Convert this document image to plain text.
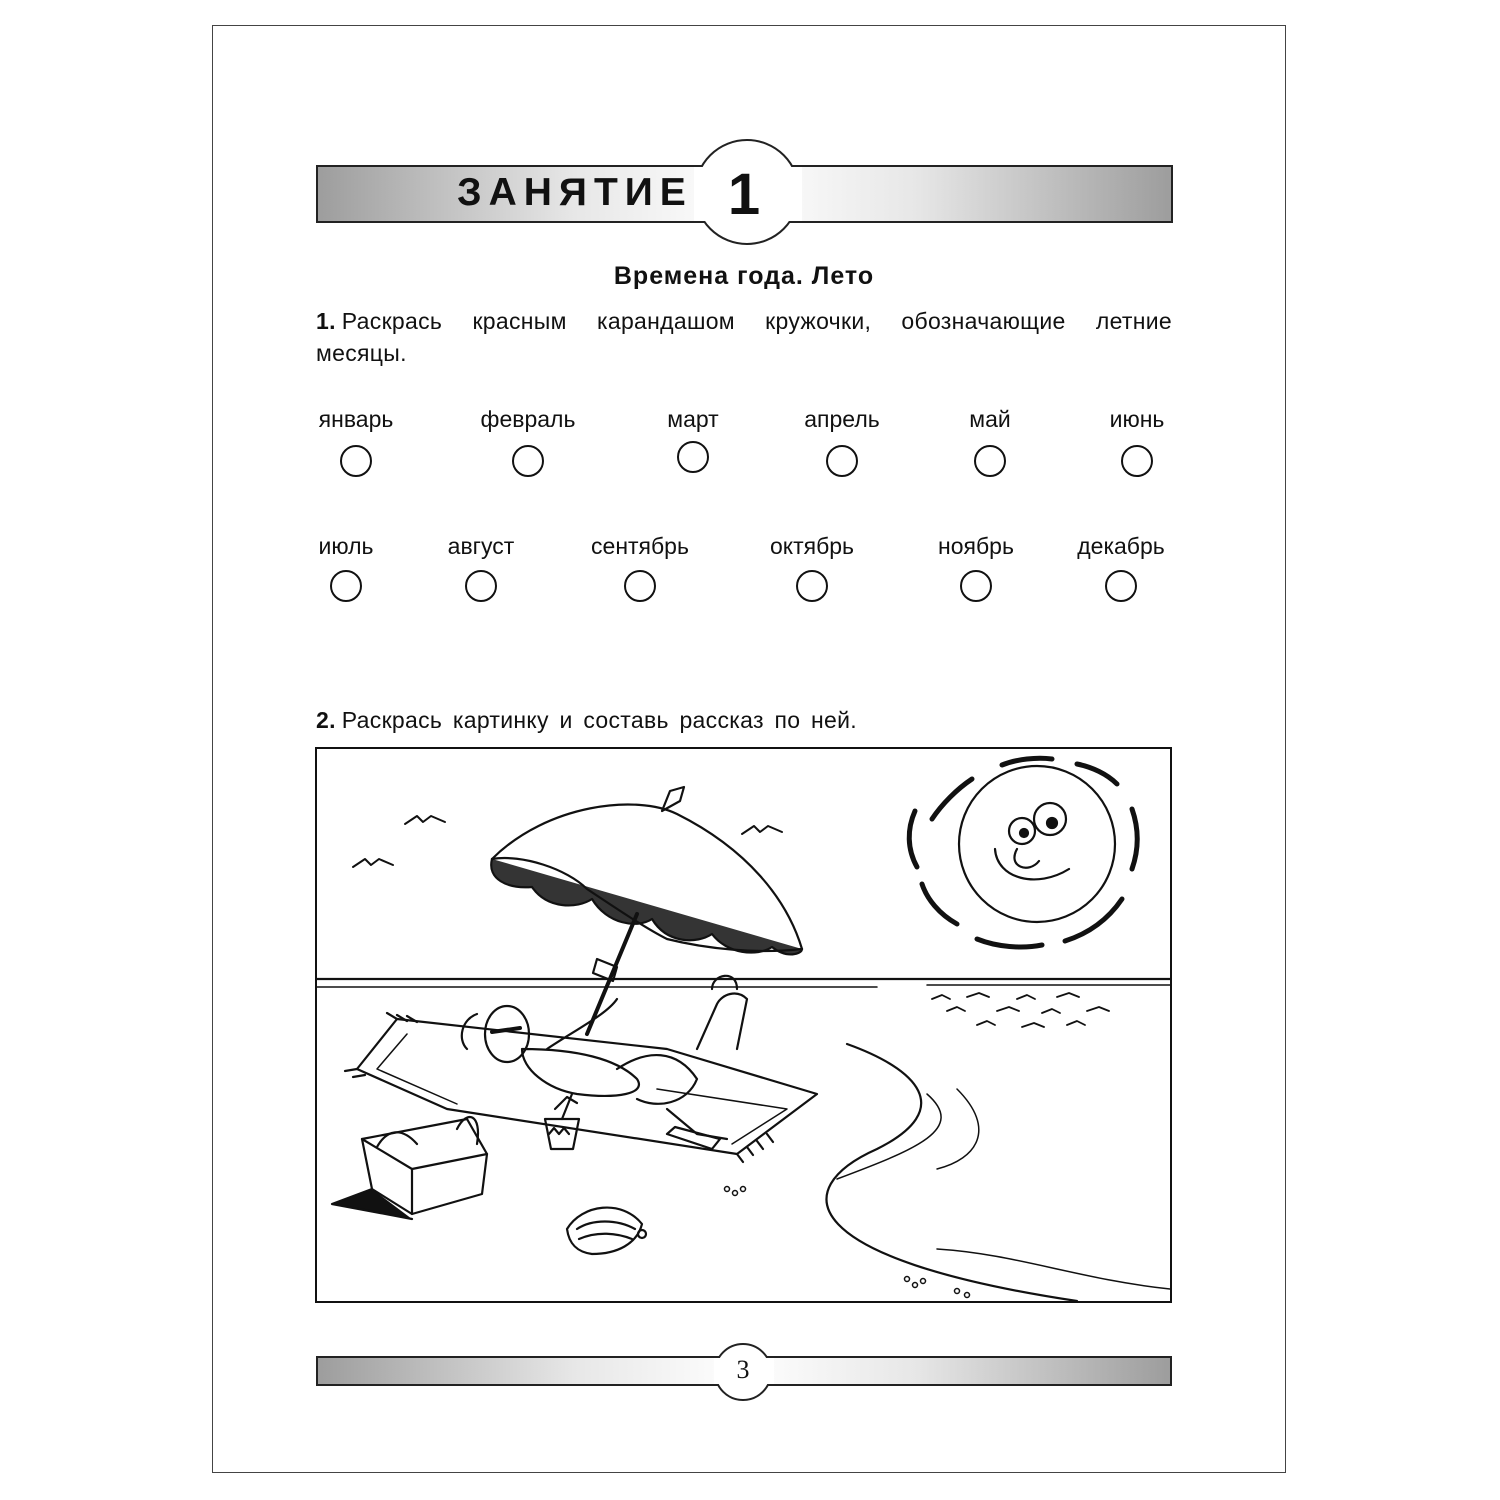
ЗАНЯТИЕ 1
Времена года. Лето
1. Раскрась красным карандашом кружочки, обозначающие летние месяцы.
январь	февраль	март	апрель	май	июнь
июль	август	сентябрь	октябрь	ноябрь	декабрь
2. Раскрась картинку и составь рассказ по ней.
3
